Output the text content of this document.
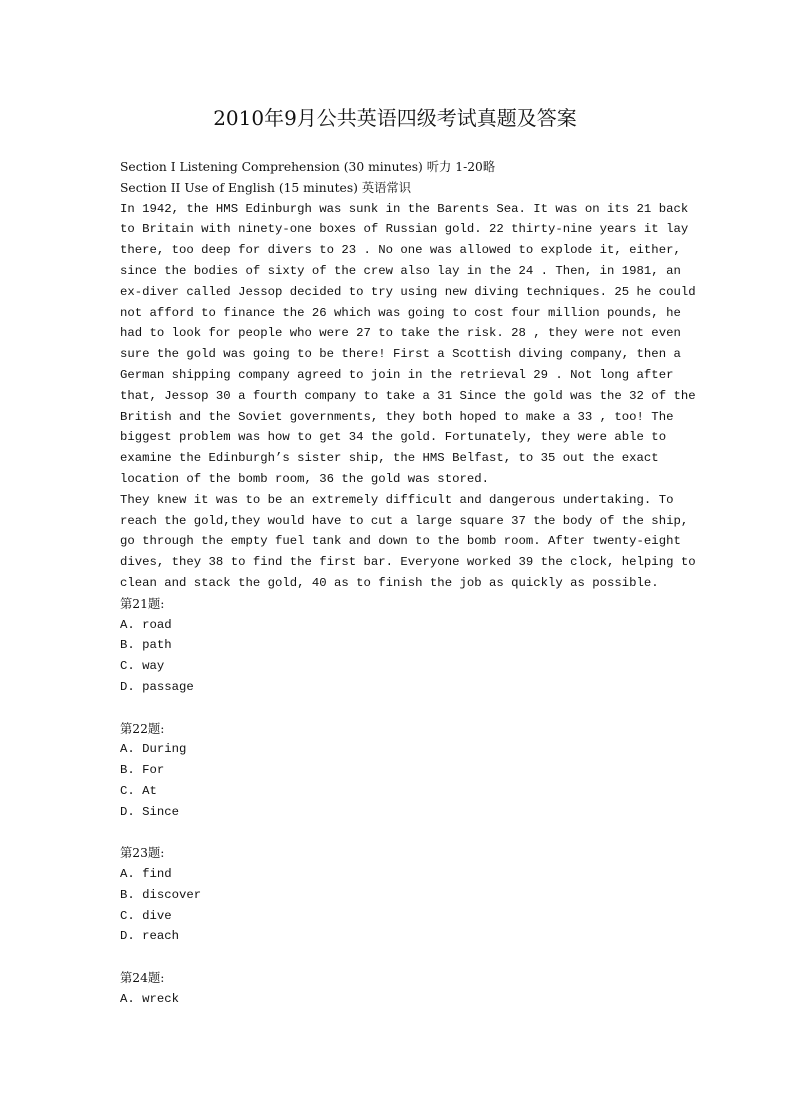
2010年9月公共英语四级考试真题及答案
Section I Listening Comprehension (30 minutes) 听力 1-20略
Section II Use of English (15 minutes) 英语常识
In 1942, the HMS Edinburgh was sunk in the Barents Sea. It was on its 21 back
to Britain with ninety-one boxes of Russian gold. 22 thirty-nine years it lay
there, too deep for divers to 23 . No one was allowed to explode it, either,
since the bodies of sixty of the crew also lay in the 24 . Then, in 1981, an
ex-diver called Jessop decided to try using new diving techniques. 25 he could
not afford to finance the 26 which was going to cost four million pounds, he
had to look for people who were 27 to take the risk. 28 , they were not even
sure the gold was going to be there! First a Scottish diving company, then a
German shipping company agreed to join in the retrieval 29 . Not long after
that, Jessop 30 a fourth company to take a 31 Since the gold was the 32 of the
British and the Soviet governments, they both hoped to make a 33 , too! The
biggest problem was how to get 34 the gold. Fortunately, they were able to
examine the Edinburgh’s sister ship, the HMS Belfast, to 35 out the exact
location of the bomb room, 36 the gold was stored.
They knew it was to be an extremely difficult and dangerous undertaking. To
reach the gold,they would have to cut a large square 37 the body of the ship,
go through the empty fuel tank and down to the bomb room. After twenty-eight
dives, they 38 to find the first bar. Everyone worked 39 the clock, helping to
clean and stack the gold, 40 as to finish the job as quickly as possible.
第21题:
A. road
B. path
C. way
D. passage
第22题:
A. During
B. For
C. At
D. Since
第23题:
A. find
B. discover
C. dive
D. reach
第24题:
A. wreck
